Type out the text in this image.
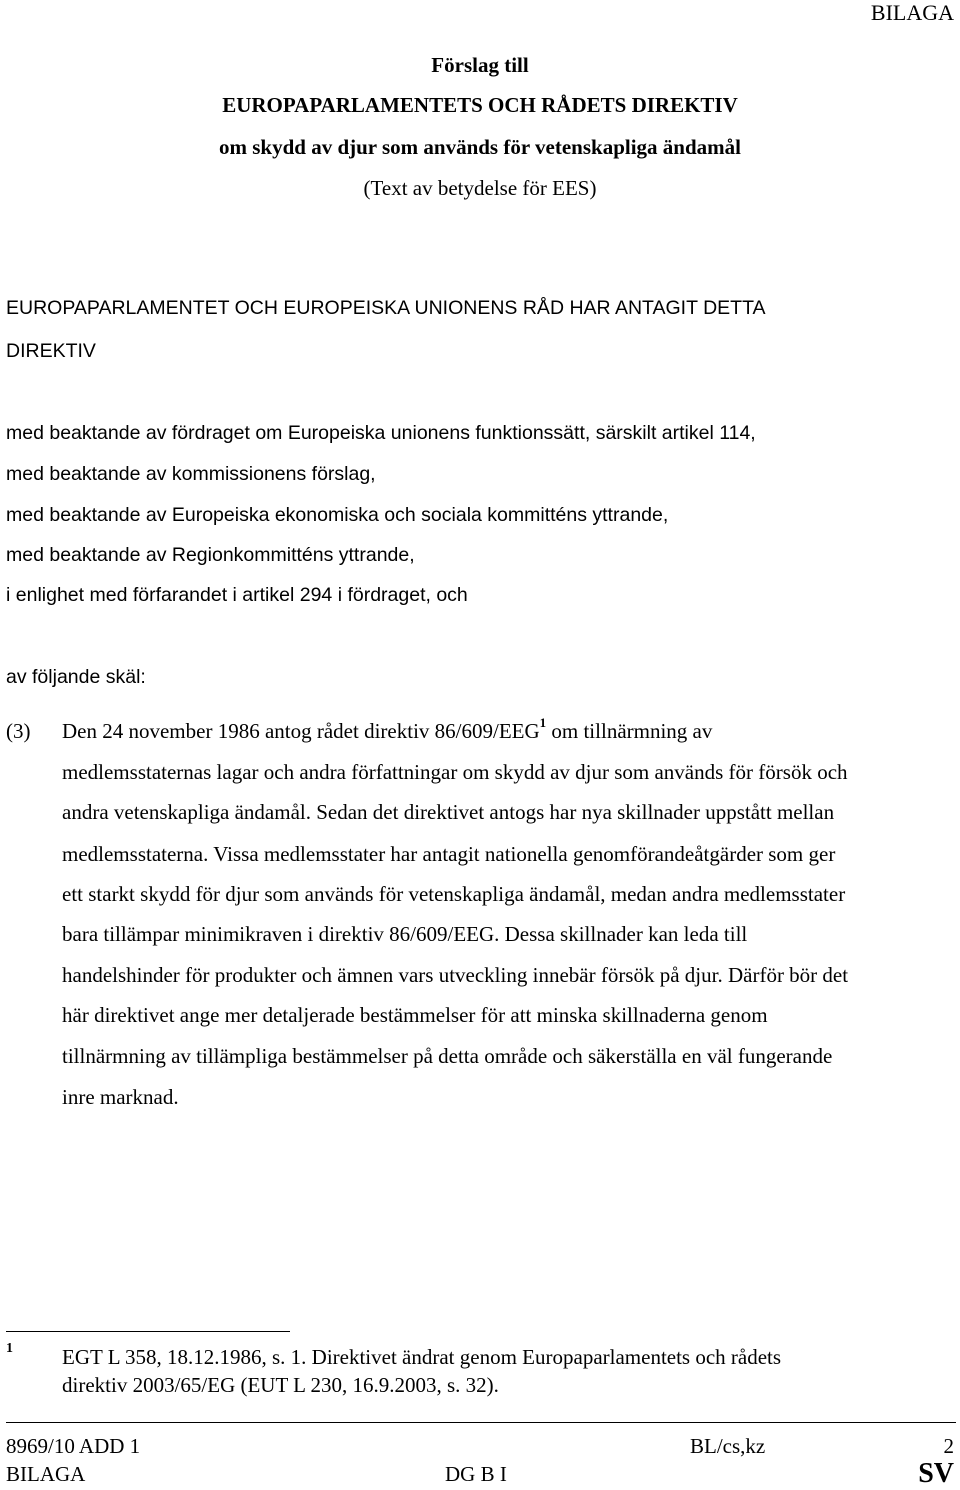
BILAGA
Förslag till
EUROPAPARLAMENTETS OCH RÅDETS DIREKTIV
om skydd av djur som används för vetenskapliga ändamål
(Text av betydelse för EES)
EUROPAPARLAMENTET OCH EUROPEISKA UNIONENS RÅD HAR ANTAGIT DETTA
DIREKTIV
med beaktande av fördraget om Europeiska unionens funktionssätt, särskilt artikel 114,
med beaktande av kommissionens förslag,
med beaktande av Europeiska ekonomiska och sociala kommitténs yttrande,
med beaktande av Regionkommitténs yttrande,
i enlighet med förfarandet i artikel 294 i fördraget, och
av följande skäl:
(3) Den 24 november 1986 antog rådet direktiv 86/609/EEG$^1$ om tillnärmning av
medlemsstaternas lagar och andra författningar om skydd av djur som används för försök och
andra vetenskapliga ändamål. Sedan det direktivet antogs har nya skillnader uppstått mellan
medlemsstaterna. Vissa medlemsstater har antagit nationella genomförandeåtgärder som ger
ett starkt skydd för djur som används för vetenskapliga ändamål, medan andra medlemsstater
bara tillämpar minimikraven i direktiv 86/609/EEG. Dessa skillnader kan leda till
handelshinder för produkter och ämnen vars utveckling innebär försök på djur. Därför bör det
här direktivet ange mer detaljerade bestämmelser för att minska skillnaderna genom
tillnärmning av tillämpliga bestämmelser på detta område och säkerställa en väl fungerande
inre marknad.
1 EGT L 358, 18.12.1986, s. 1. Direktivet ändrat genom Europaparlamentets och rådets
direktiv 2003/65/EG (EUT L 230, 16.9.2003, s. 32).
8969/10 ADD 1	BL/cs,kz	2
BILAGA	DG B I	SV
